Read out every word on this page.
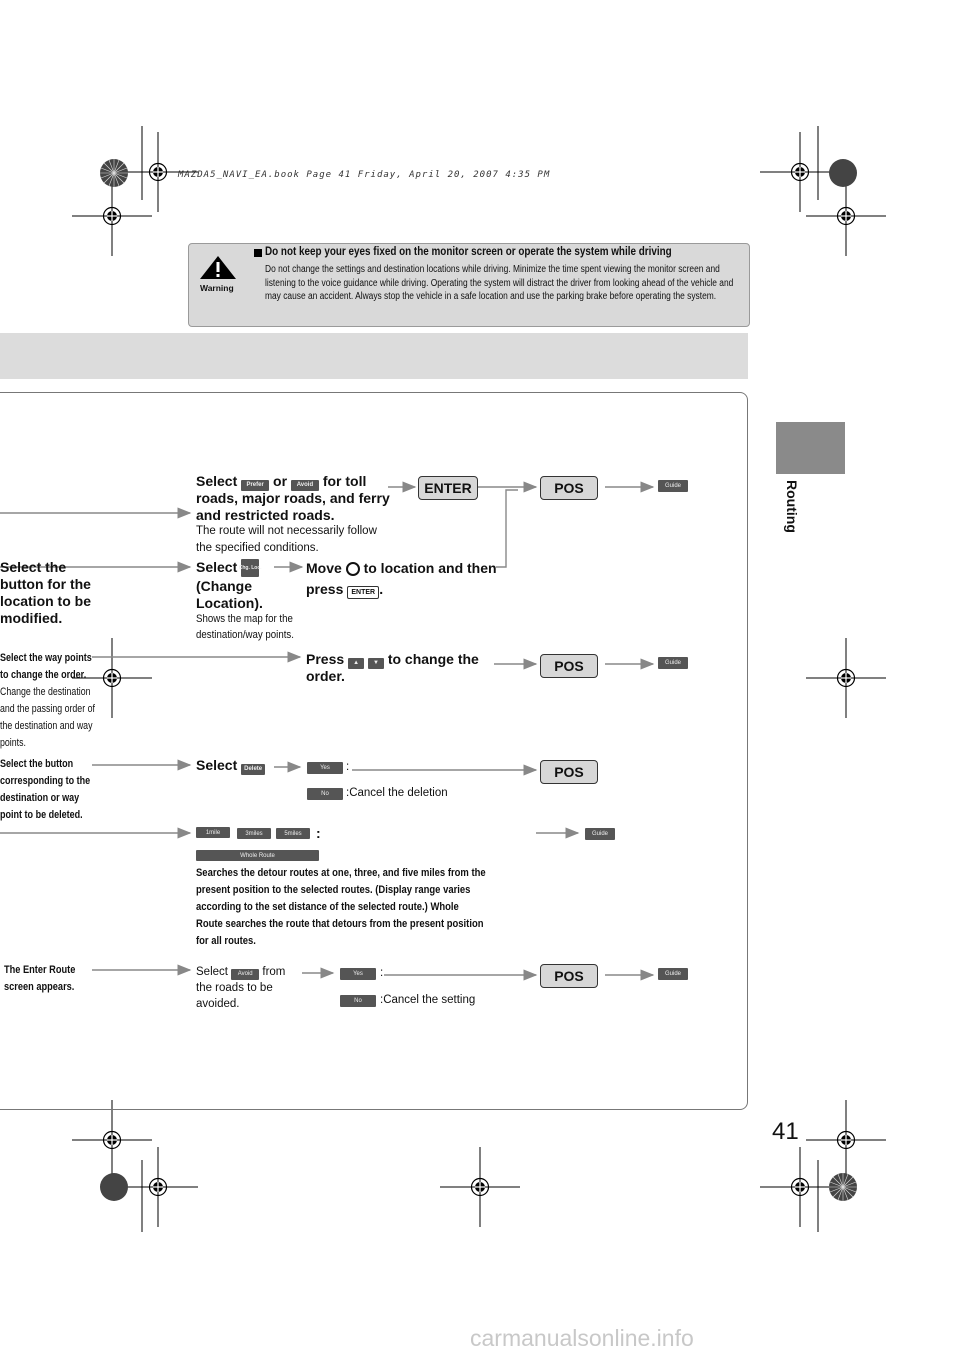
MAZDA5_NAVI_EA.book Page 41 Friday, April 20, 2007 4:35 PM
Warning
Do not keep your eyes fixed on the monitor screen or operate the system while driving
Do not change the settings and destination locations while driving. Minimize the time spent viewing the monitor screen and listening to the voice guidance while driving. Operating the system will distract the driver from looking ahead of the vehicle and may cause an accident. Always stop the vehicle in a safe location and use the parking brake before operating the system.
Routing
41
ENTER	POS
POS
POS
POS
Guide
Guide
Guide
Guide
Select Prefer or Avoid for toll
roads, major roads, and ferry
and restricted roads.
The route will not necessarily follow
the specified conditions.
Select the
button for the
location to be
modified.
Select Chg. Loc.
(Change
Location).
Shows the map for the
destination/way points.
Move to location and then
press ENTER .
Select the way points
to change the order.
Change the destination
and the passing order of
the destination and way
points.
Press ▲ ▼ to change the
order.
Select the button
corresponding to the
destination or way
point to be deleted.
Select Delete	Yes	:
No	:Cancel the deletion
1mile	3miles	5miles	:
Whole Route
Searches the detour routes at one, three, and five miles from the
present position to the selected routes. (Display range varies
according to the set distance of the selected route.) Whole
Route searches the route that detours from the present position
for all routes.
The Enter Route
screen appears.
Select Avoid from
the roads to be
avoided.
Yes	:
No	:Cancel the setting
carmanualsonline.info
